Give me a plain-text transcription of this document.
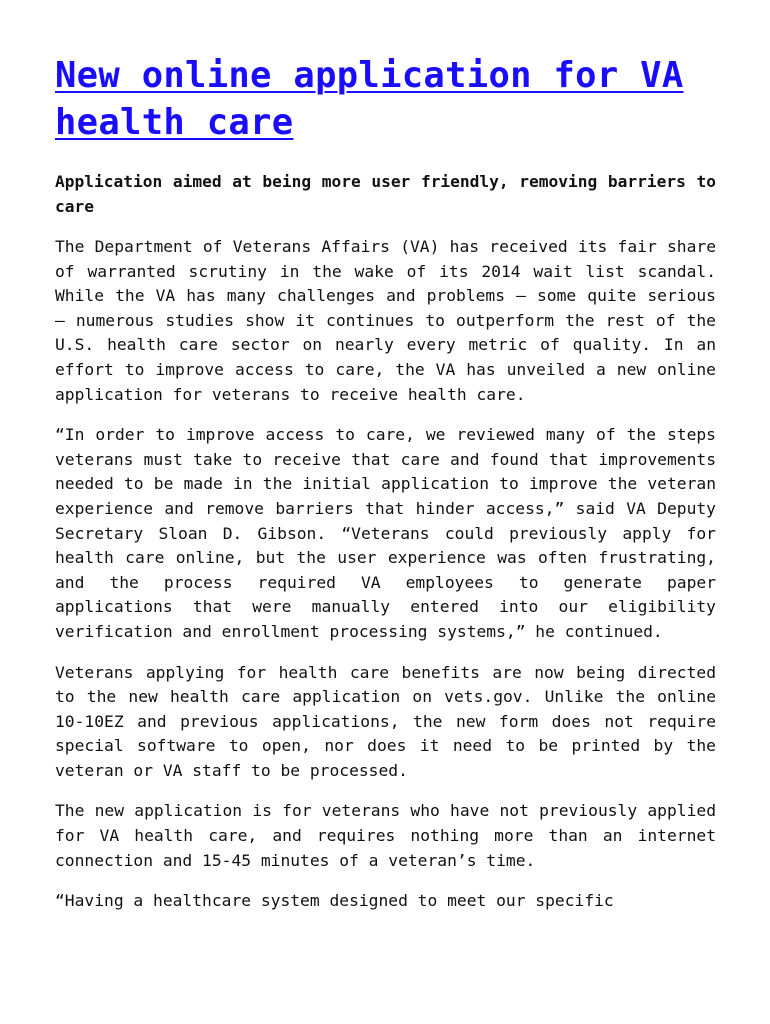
New online application for VA health care
Application aimed at being more user friendly, removing barriers to care

The Department of Veterans Affairs (VA) has received its fair share of warranted scrutiny in the wake of its 2014 wait list scandal. While the VA has many challenges and problems — some quite serious — numerous studies show it continues to outperform the rest of the U.S. health care sector on nearly every metric of quality. In an effort to improve access to care, the VA has unveiled a new online application for veterans to receive health care.

“In order to improve access to care, we reviewed many of the steps veterans must take to receive that care and found that improvements needed to be made in the initial application to improve the veteran experience and remove barriers that hinder access,” said VA Deputy Secretary Sloan D. Gibson. “Veterans could previously apply for health care online, but the user experience was often frustrating, and the process required VA employees to generate paper applications that were manually entered into our eligibility verification and enrollment processing systems,” he continued.

Veterans applying for health care benefits are now being directed to the new health care application on vets.gov. Unlike the online 10-10EZ and previous applications, the new form does not require special software to open, nor does it need to be printed by the veteran or VA staff to be processed.

The new application is for veterans who have not previously applied for VA health care, and requires nothing more than an internet connection and 15-45 minutes of a veteran’s time.

“Having a healthcare system designed to meet our specific
